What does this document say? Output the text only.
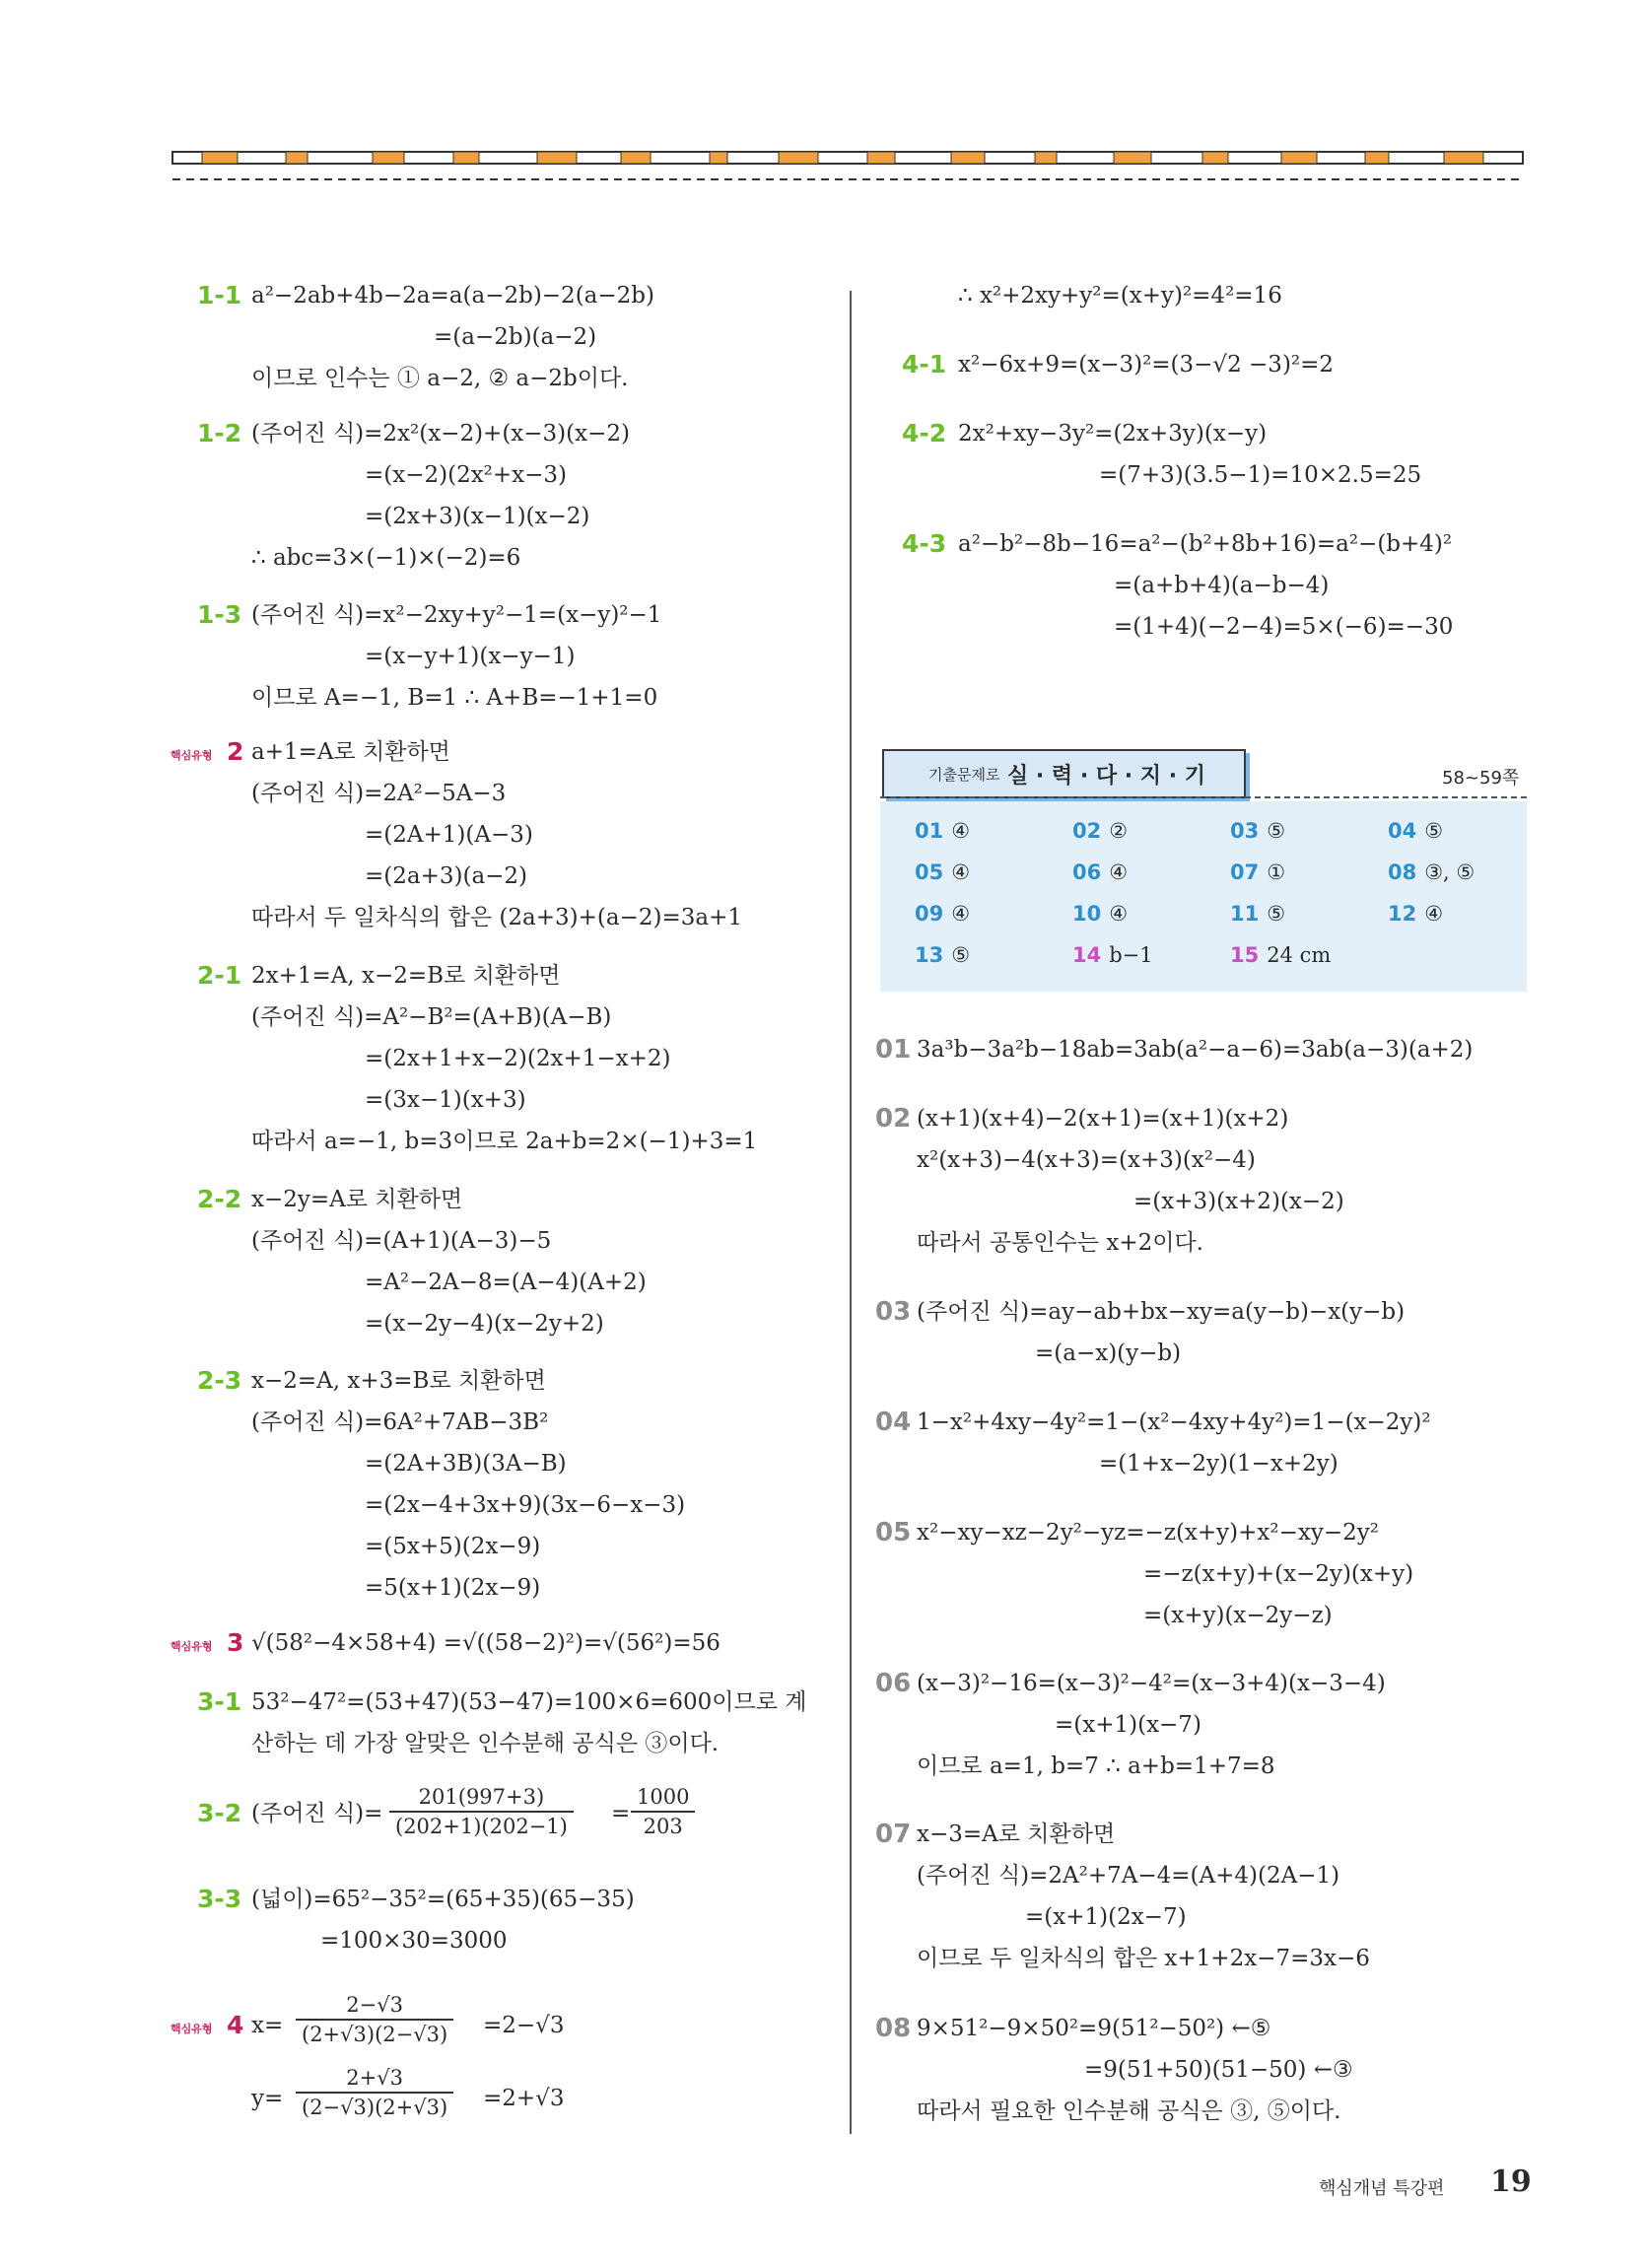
1-1 a²−2ab+4b−2a=a(a−2b)−2(a−2b)
=(a−2b)(a−2)
이므로 인수는 ① a−2, ② a−2b이다.
1-2 (주어진 식)=2x²(x−2)+(x−3)(x−2)
=(x−2)(2x²+x−3)
=(2x+3)(x−1)(x−2)
∴ abc=3×(−1)×(−2)=6
1-3 (주어진 식)=x²−2xy+y²−1=(x−y)²−1
=(x−y+1)(x−y−1)
이므로 A=−1, B=1 ∴ A+B=−1+1=0
핵심유형 2 a+1=A로 치환하면
(주어진 식)=2A²−5A−3
=(2A+1)(A−3)
=(2a+3)(a−2)
따라서 두 일차식의 합은 (2a+3)+(a−2)=3a+1
2-1 2x+1=A, x−2=B로 치환하면
(주어진 식)=A²−B²=(A+B)(A−B)
=(2x+1+x−2)(2x+1−x+2)
=(3x−1)(x+3)
따라서 a=−1, b=3이므로 2a+b=2×(−1)+3=1
2-2 x−2y=A로 치환하면
(주어진 식)=(A+1)(A−3)−5
=A²−2A−8=(A−4)(A+2)
=(x−2y−4)(x−2y+2)
2-3 x−2=A, x+3=B로 치환하면
(주어진 식)=6A²+7AB−3B²
=(2A+3B)(3A−B)
=(2x−4+3x+9)(3x−6−x−3)
=(5x+5)(2x−9)
=5(x+1)(2x−9)
핵심유형 3 √(58²−4×58+4) =√((58−2)²)=√(56²)=56
3-1 53²−47²=(53+47)(53−47)=100×6=600이므로 계
산하는 데 가장 알맞은 인수분해 공식은 ③이다.
3-2 (주어진 식)= $\frac{201(997+3)}{(202+1)(202-1)} = \frac{1000}{203}$
3-3 (넓이)=65²−35²=(65+35)(65−35)
=100×30=3000
핵심유형 4 $x= \frac{2-√3}{(2+√3)(2-√3)} =2-√3$
$y= \frac{2+√3}{(2-√3)(2+√3)} =2+√3$
∴ x²+2xy+y²=(x+y)²=4²=16
4-1 x²−6x+9=(x−3)²=(3−√2 −3)²=2
4-2 2x²+xy−3y²=(2x+3y)(x−y)
=(7+3)(3.5−1)=10×2.5=25
4-3 a²−b²−8b−16=a²−(b²+8b+16)=a²−(b+4)²
=(a+b+4)(a−b−4)
=(1+4)(−2−4)=5×(−6)=−30
기출문제로 실 · 력 · 다 · 지 · 기	58~59쪽
01 ④	02 ②	03 ⑤	04 ⑤
05 ④	06 ④	07 ①	08 ③, ⑤
09 ④	10 ④	11 ⑤	12 ④
13 ⑤	14 b−1	15 24 cm
01 3a³b−3a²b−18ab=3ab(a²−a−6)=3ab(a−3)(a+2)
02 (x+1)(x+4)−2(x+1)=(x+1)(x+2)
x²(x+3)−4(x+3)=(x+3)(x²−4)
=(x+3)(x+2)(x−2)
따라서 공통인수는 x+2이다.
03 (주어진 식)=ay−ab+bx−xy=a(y−b)−x(y−b)
=(a−x)(y−b)
04 1−x²+4xy−4y²=1−(x²−4xy+4y²)=1−(x−2y)²
=(1+x−2y)(1−x+2y)
05 x²−xy−xz−2y²−yz=−z(x+y)+x²−xy−2y²
=−z(x+y)+(x−2y)(x+y)
=(x+y)(x−2y−z)
06 (x−3)²−16=(x−3)²−4²=(x−3+4)(x−3−4)
=(x+1)(x−7)
이므로 a=1, b=7 ∴ a+b=1+7=8
07 x−3=A로 치환하면
(주어진 식)=2A²+7A−4=(A+4)(2A−1)
=(x+1)(2x−7)
이므로 두 일차식의 합은 x+1+2x−7=3x−6
08 9×51²−9×50²=9(51²−50²) ←⑤
=9(51+50)(51−50) ←③
따라서 필요한 인수분해 공식은 ③, ⑤이다.
핵심개념 특강편 19
